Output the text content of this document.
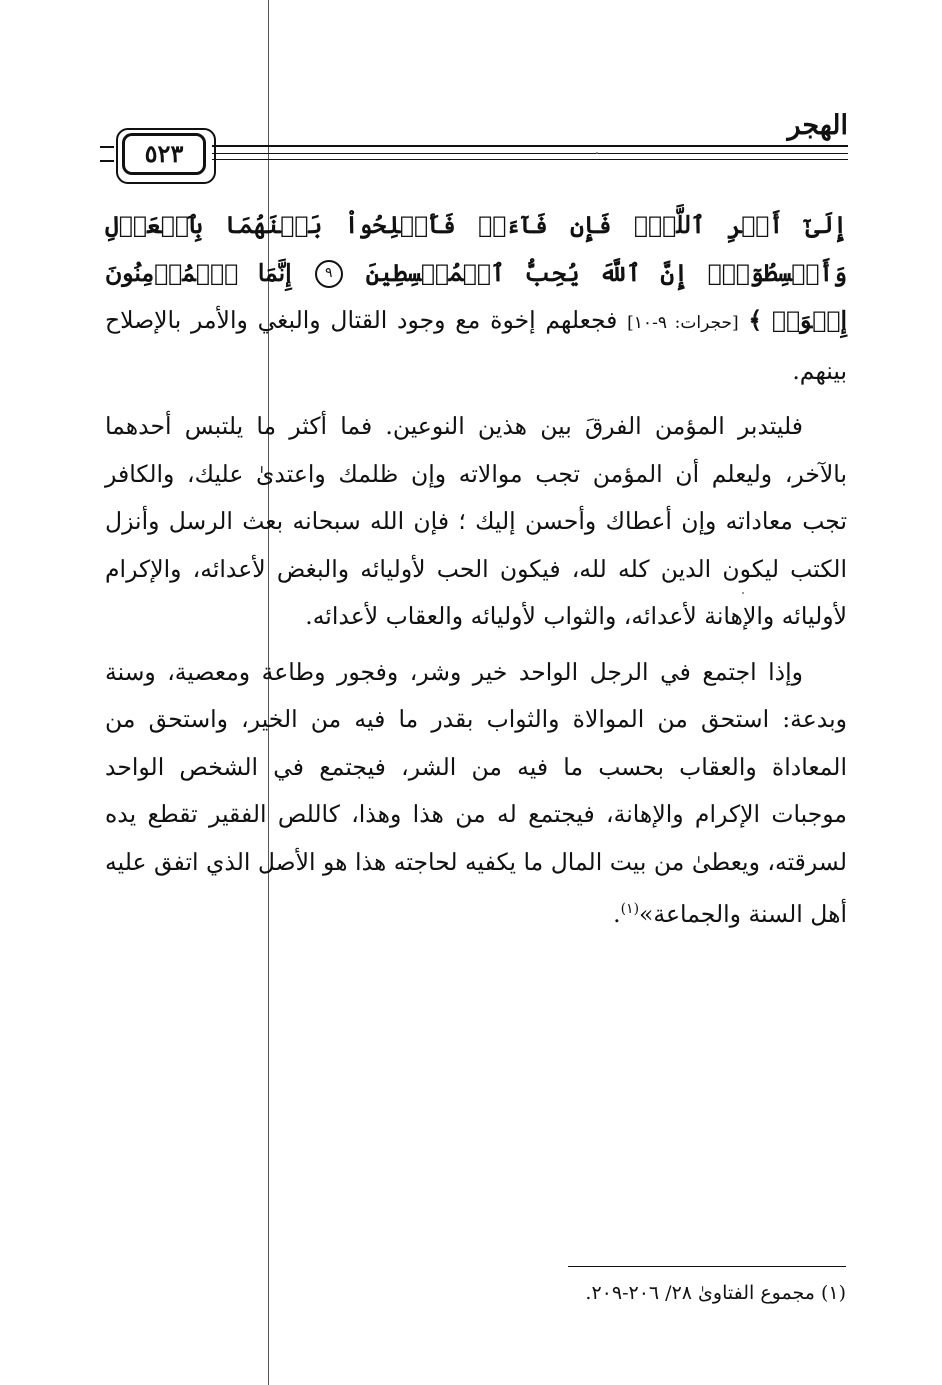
الهجر
٥٢٣

إِلَىٰٓ أَمۡرِ ٱللَّهِۚ فَإِن فَآءَتۡ فَأَصۡلِحُواْ بَيۡنَهُمَا بِٱلۡعَدۡلِ وَأَقۡسِطُوٓاْۖ إِنَّ ٱللَّهَ يُحِبُّ ٱلۡمُقۡسِطِينَ ٩ إِنَّمَا ٱلۡمُؤۡمِنُونَ إِخۡوَةٞ ﴾ [حجرات: ٩-١٠] فجعلهم إخوة مع وجود القتال والبغي والأمر بالإصلاح بينهم.

فليتدبر المؤمن الفرقَ بين هذين النوعين. فما أكثر ما يلتبس أحدهما بالآخر، وليعلم أن المؤمن تجب موالاته وإن ظلمك واعتدىٰ عليك، والكافر تجب معاداته وإن أعطاك وأحسن إليك ؛ فإن الله سبحانه بعث الرسل وأنزل الكتب ليكون الدين كله لله، فيكون الحب لأوليائه والبغض لأعدائه، والإكرام لأوليائه والإهانة لأعدائه، والثواب لأوليائه والعقاب لأعدائه.

وإذا اجتمع في الرجل الواحد خير وشر، وفجور وطاعة ومعصية، وسنة وبدعة: استحق من الموالاة والثواب بقدر ما فيه من الخير، واستحق من المعاداة والعقاب بحسب ما فيه من الشر، فيجتمع في الشخص الواحد موجبات الإكرام والإهانة، فيجتمع له من هذا وهذا، كاللص الفقير تقطع يده لسرقته، ويعطىٰ من بيت المال ما يكفيه لحاجته هذا هو الأصل الذي اتفق عليه أهل السنة والجماعة»$^{(١)}$.

(١) مجموع الفتاوىٰ ٢٨/ ٢٠٦-٢٠٩.
